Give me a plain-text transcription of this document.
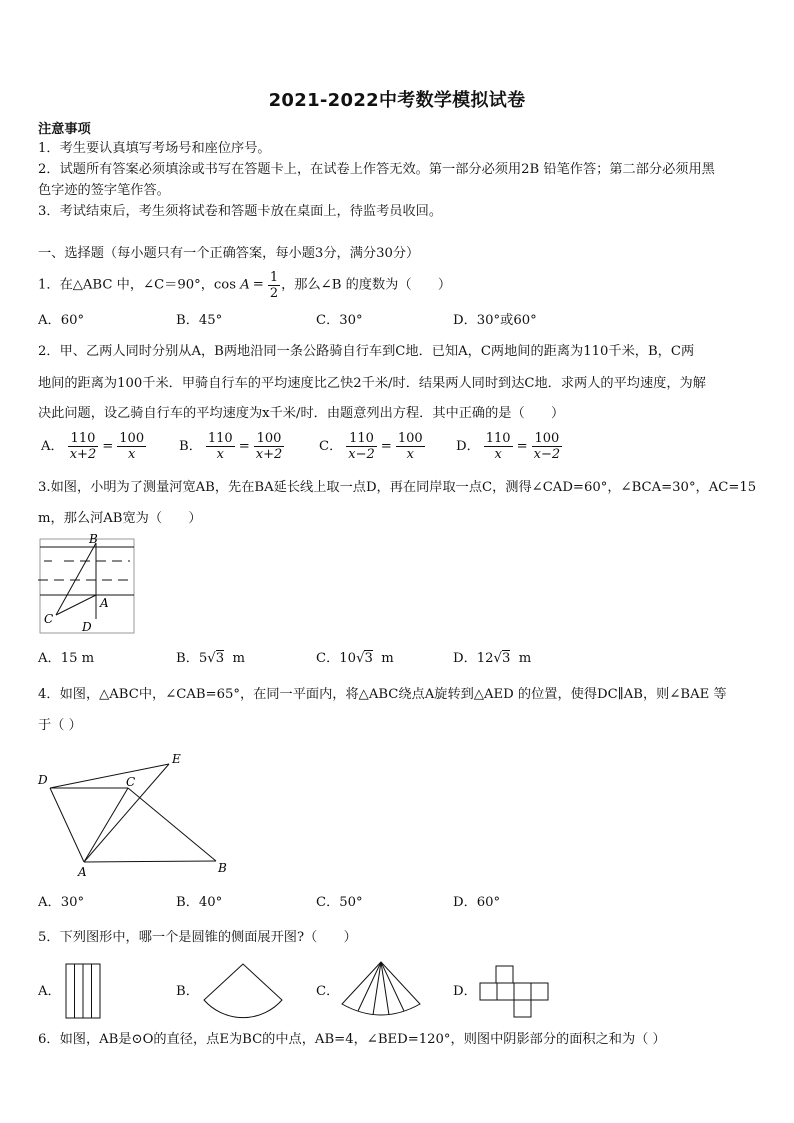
2021-2022中考数学模拟试卷
注意事项
1．考生要认真填写考场号和座位序号。
2．试题所有答案必须填涂或书写在答题卡上，在试卷上作答无效。第一部分必须用2B 铅笔作答；第二部分必须用黑
色字迹的签字笔作答。
3．考试结束后，考生须将试卷和答题卡放在桌面上，待监考员收回。
一、选择题（每小题只有一个正确答案，每小题3分，满分30分）
1．在△ABC 中，∠C＝90°，$\cos A = \frac{1}{2}$ ，那么∠B 的度数为（　　）
A．60°	B．45°	C．30°	D．30°或60°
2．甲、乙两人同时分别从A，B两地沿同一条公路骑自行车到C地．已知A，C两地间的距离为110千米，B，C两
地间的距离为100千米．甲骑自行车的平均速度比乙快2千米/时．结果两人同时到达C地．求两人的平均速度，为解
决此问题，设乙骑自行车的平均速度为x千米/时．由题意列出方程．其中正确的是（　　）
A． $\frac{110}{x+2} = \frac{100}{x}$ B． $\frac{110}{x} = \frac{100}{x+2}$	C． $\frac{110}{x-2} = \frac{100}{x}$ D． $\frac{110}{x} = \frac{100}{x-2}$
3.如图，小明为了测量河宽AB，先在BA延长线上取一点D，再在同岸取一点C，测得∠CAD=60°，∠BCA=30°，AC=15
m，那么河AB宽为（　　）
B
A
C
D
A．15 m	B．5√3 m	C．10√3 m	D．12√3 m
4．如图，△ABC中，∠CAB=65°，在同一平面内，将△ABC绕点A旋转到△AED 的位置，使得DC∥AB，则∠BAE 等
于（ ）
D
E
C
A	B
A．30°	B．40°	C．50°	D．60°
5．下列图形中，哪一个是圆锥的侧面展开图?（　　）
A．	B．	C．	D．
6．如图，AB是⊙O的直径，点E为BC的中点，AB=4，∠BED=120°，则图中阴影部分的面积之和为（ ）
